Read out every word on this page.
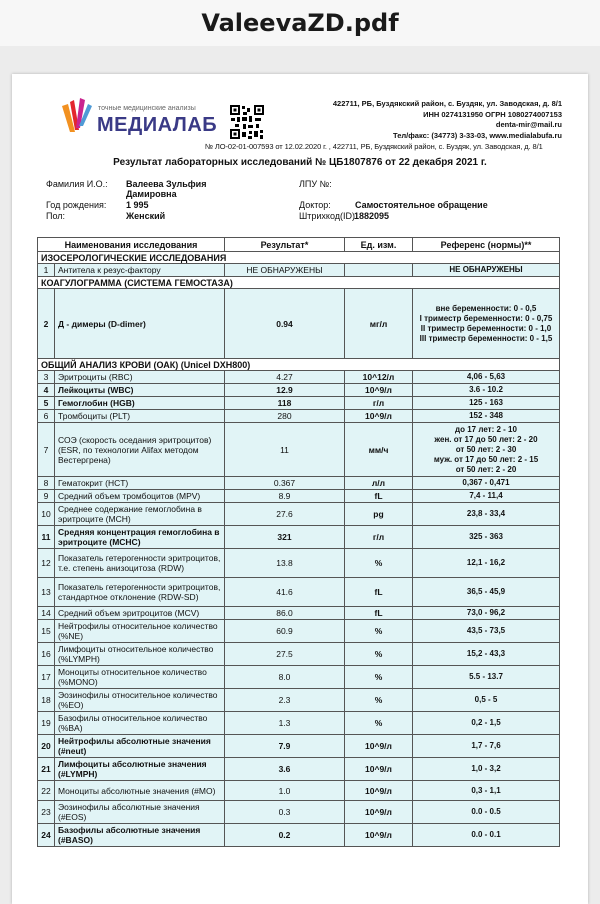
ValeevaZD.pdf
точные медицинские анализы
МЕДИАЛАБ
422711, РБ, Буздякский район, с. Буздяк, ул. Заводская, д. 8/1
ИНН 0274131950 ОГРН 1080274007153
denta-mir@mail.ru
Тел/факс: (34773) 3-33-03, www.medialabufa.ru
№ ЛО-02-01-007593 от 12.02.2020 г. , 422711, РБ, Буздякский район, с. Буздяк, ул. Заводская, д. 8/1
Результат лабораторных исследований № ЦБ1807876 от 22 декабря 2021 г.
Фамилия И.О.: Валеева Зульфия
Дамировна
Год рождения: 1 995
Пол:	Женский
ЛПУ №:
Доктор:	Самостоятельное обращение
Штрихкод(ID) 1882095
Наименования исследования		Результат*	Ед. изм.	Референс (нормы)**
ИЗОСЕРОЛОГИЧЕСКИЕ ИССЛЕДОВАНИЯ				
1	Антитела к резус-фактору	НЕ ОБНАРУЖЕНЫ		НЕ ОБНАРУЖЕНЫ

КОАГУЛОГРАММА (СИСТЕМА ГЕМОСТАЗА)				
2	Д - димеры (D-dimer)	0.94	мг/л	вне беременности: 0 - 0,5
I триместр беременности: 0 - 0,75
II триместр беременности: 0 - 1,0
III триместр беременности: 0 - 1,5

ОБЩИЙ АНАЛИЗ КРОВИ (ОАК) (Unicel DXH800)				
3	Эритроциты (RBC)	4.27	10^12/л	4,06 - 5,63

4	Лейкоциты (WBC)	12.9	10^9/л	3.6 - 10.2

5	Гемоглобин (HGB)	118	г/л	125 - 163

6	Тромбоциты (PLT)	280	10^9/л	152 - 348

7	СОЭ (скорость оседания эритроцитов) (ESR, по технологии Alifax методом Вестергрена)	11	мм/ч	до 17 лет: 2 - 10
жен. от 17 до 50 лет: 2 - 20
от 50 лет: 2 - 30
муж. от 17 до 50 лет: 2 - 15
от 50 лет: 2 - 20

8	Гематокрит (HCT)	0.367	л/л	0,367 - 0,471

9	Средний объем тромбоцитов (MPV)	8.9	fL	7,4 - 11,4

10	Среднее содержание гемоглобина в эритроците (MCH)	27.6	pg	23,8 - 33,4

11	Средняя концентрация гемоглобина в эритроците (MCHC)	321	г/л	325 - 363

12	Показатель гетерогенности эритроцитов, т.е. степень анизоцитоза (RDW)	13.8	%	12,1 - 16,2

13	Показатель гетерогенности эритроцитов, стандартное отклонение (RDW-SD)	41.6	fL	36,5 - 45,9

14	Средний объем эритроцитов (MCV)	86.0	fL	73,0 - 96,2

15	Нейтрофилы относительное количество (%NE)	60.9	%	43,5 - 73,5

16	Лимфоциты относительное количество (%LYMPH)	27.5	%	15,2 - 43,3

17	Моноциты относительное количество (%MONO)	8.0	%	5.5 - 13.7

18	Эозинофилы относительное количество (%EO)	2.3	%	0,5 - 5

19	Базофилы относительное количество (%BA)	1.3	%	0,2 - 1,5

20	Нейтрофилы абсолютные значения (#neut)	7.9	10^9/л	1,7 - 7,6

21	Лимфоциты абсолютные значения (#LYMPH)	3.6	10^9/л	1,0 - 3,2

22	Моноциты абсолютные значения (#MO)	1.0	10^9/л	0,3 - 1,1

23	Эозинофилы абсолютные значения (#EOS)	0.3	10^9/л	0.0 - 0.5

24	Базофилы абсолютные значения (#BASO)	0.2	10^9/л	0.0 - 0.1
